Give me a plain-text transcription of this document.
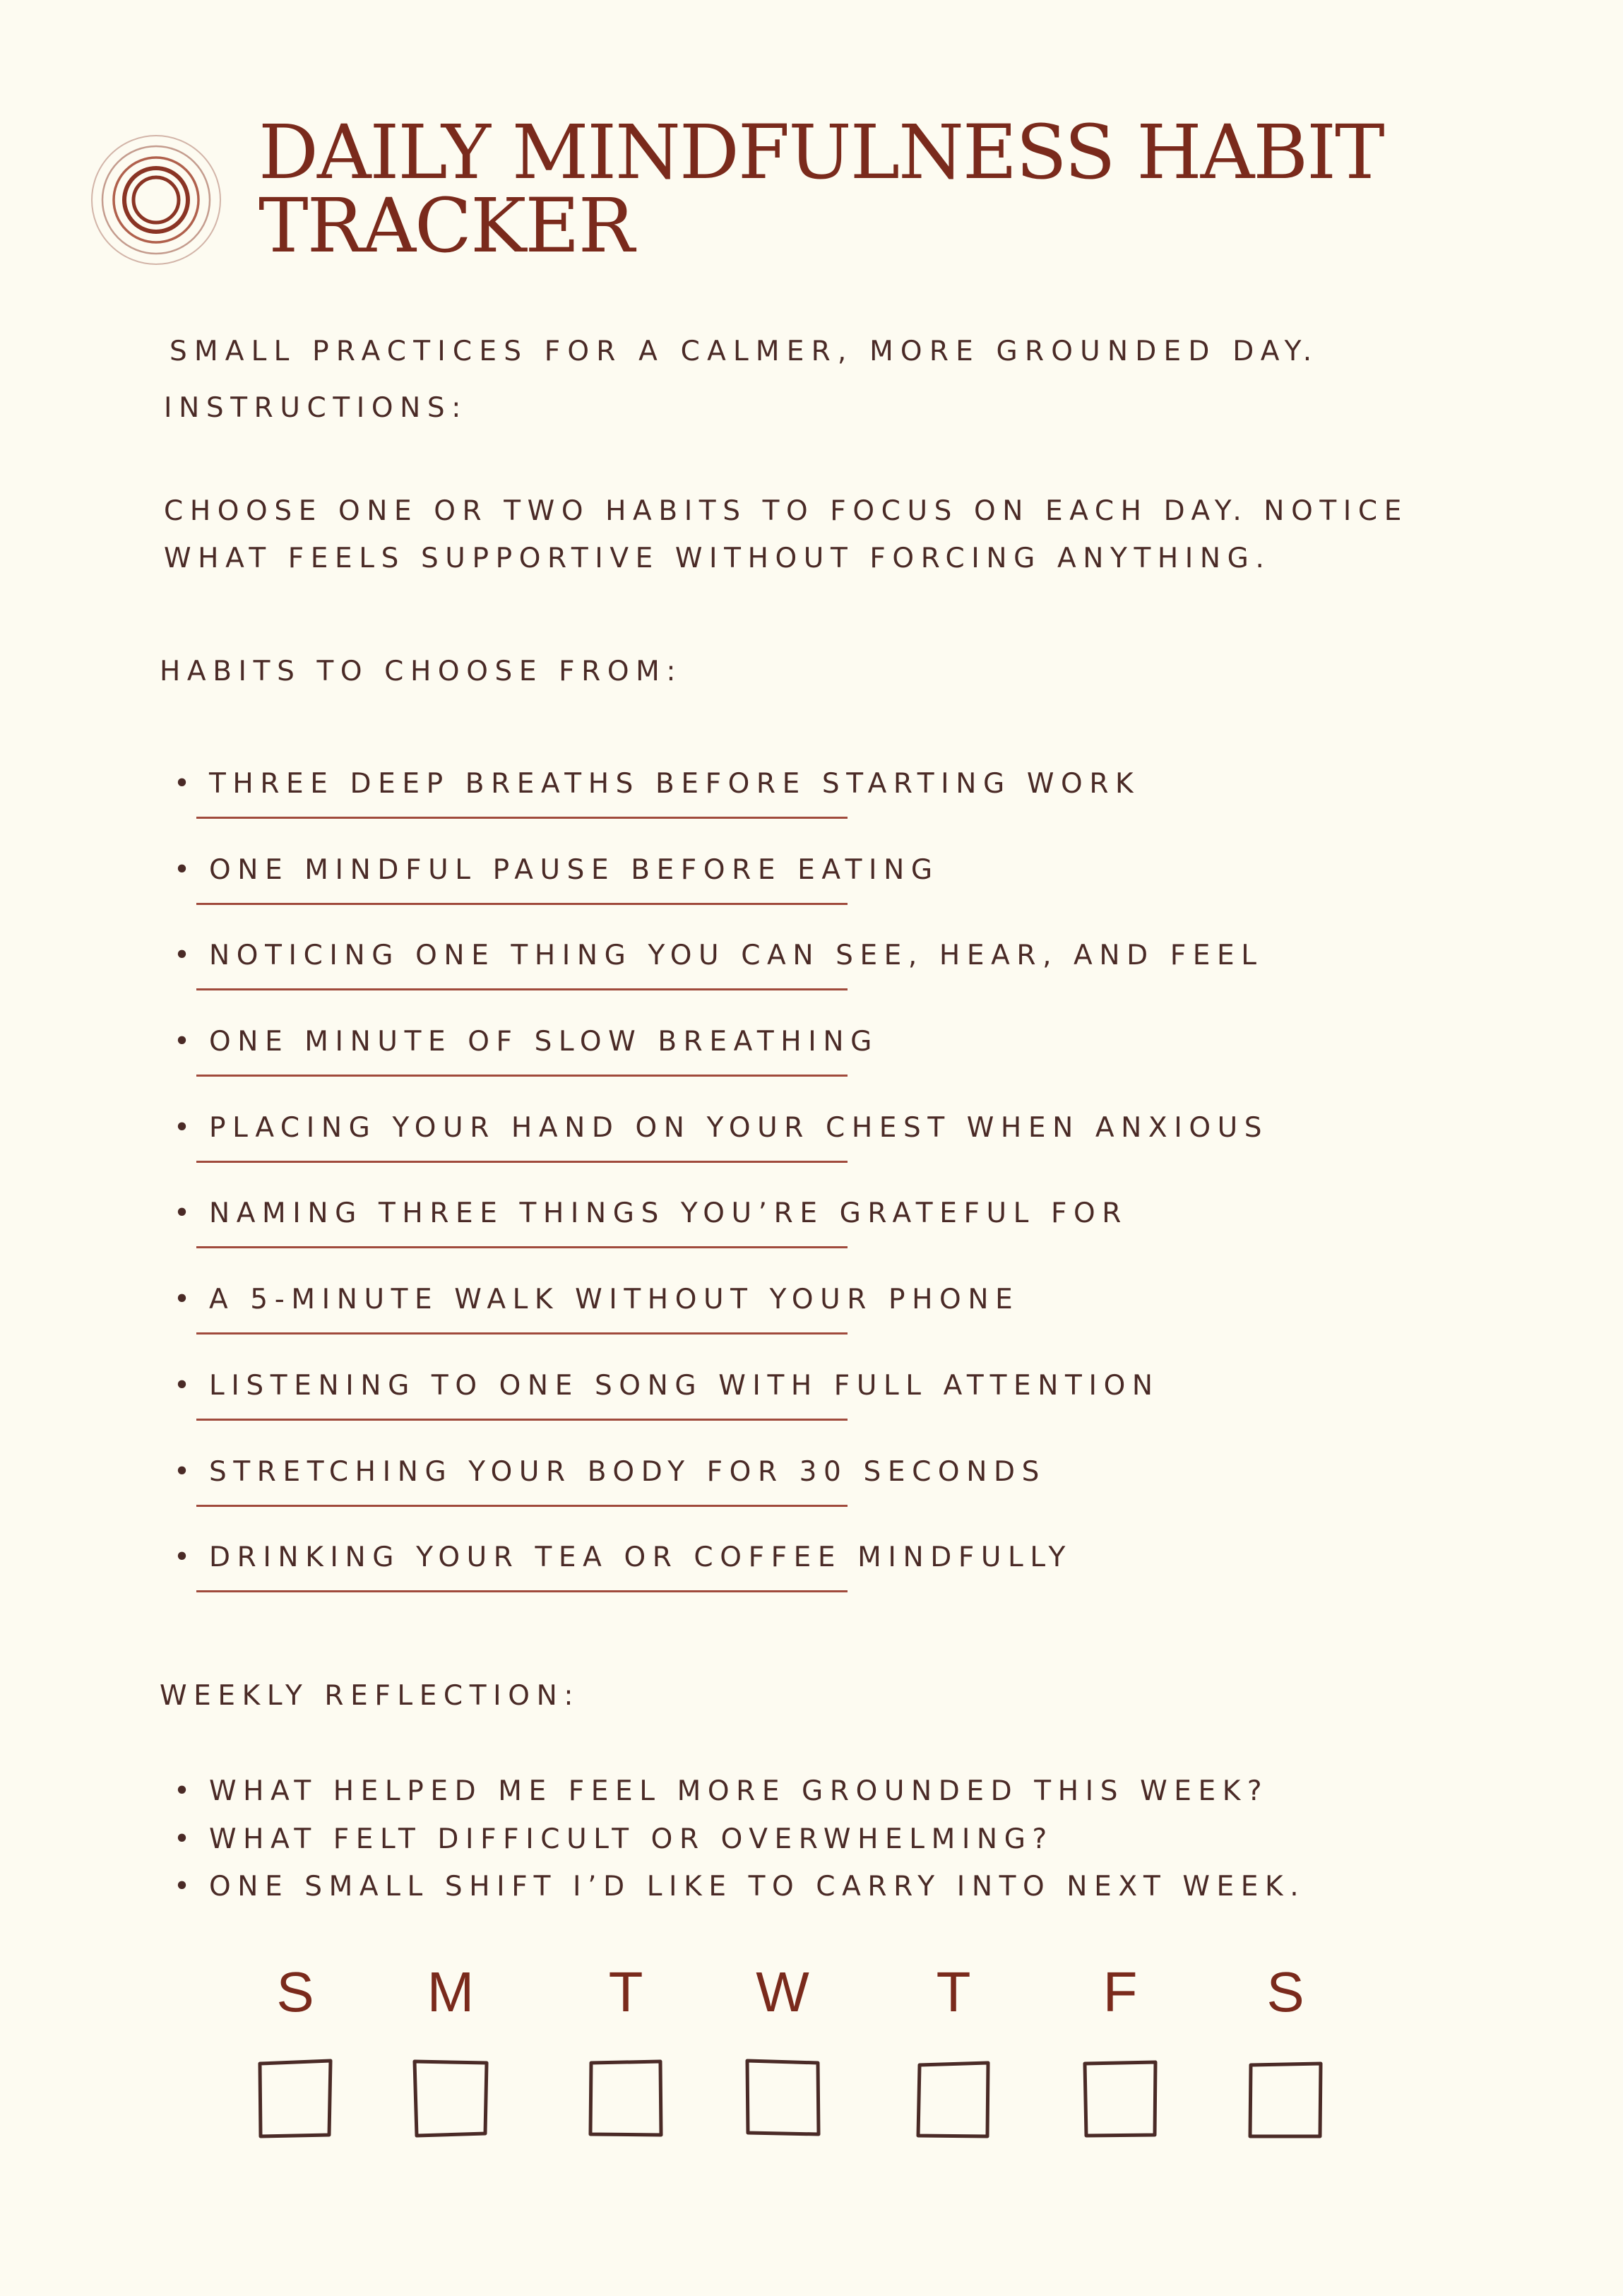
DAILY MINDFULNESS HABIT
TRACKER

SMALL PRACTICES FOR A CALMER, MORE GROUNDED DAY.

INSTRUCTIONS:

CHOOSE ONE OR TWO HABITS TO FOCUS ON EACH DAY. NOTICE
WHAT FEELS SUPPORTIVE WITHOUT FORCING ANYTHING.

HABITS TO CHOOSE FROM:

• THREE DEEP BREATHS BEFORE STARTING WORK
• ONE MINDFUL PAUSE BEFORE EATING
• NOTICING ONE THING YOU CAN SEE, HEAR, AND FEEL
• ONE MINUTE OF SLOW BREATHING
• PLACING YOUR HAND ON YOUR CHEST WHEN ANXIOUS
• NAMING THREE THINGS YOU’RE GRATEFUL FOR
• A 5-MINUTE WALK WITHOUT YOUR PHONE
• LISTENING TO ONE SONG WITH FULL ATTENTION
• STRETCHING YOUR BODY FOR 30 SECONDS
• DRINKING YOUR TEA OR COFFEE MINDFULLY

WEEKLY REFLECTION:

• WHAT HELPED ME FEEL MORE GROUNDED THIS WEEK?
• WHAT FELT DIFFICULT OR OVERWHELMING?
• ONE SMALL SHIFT I’D LIKE TO CARRY INTO NEXT WEEK.
S	M	T	W	T	F	S
